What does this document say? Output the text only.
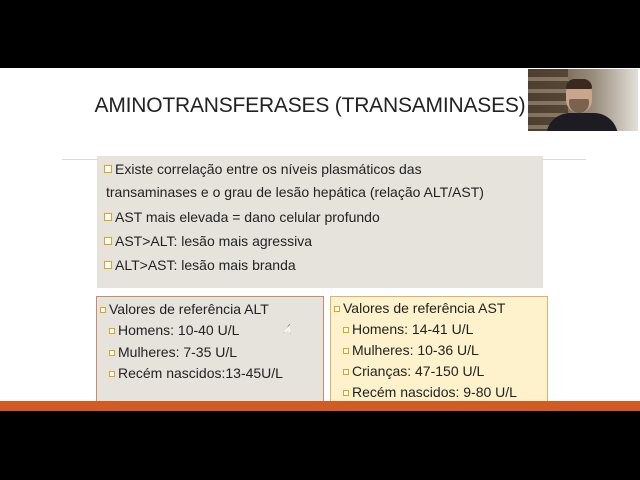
AMINOTRANSFERASES (TRANSAMINASES)
Existe correlação entre os níveis plasmáticos das
transaminases e o grau de lesão hepática (relação ALT/AST)
AST mais elevada = dano celular profundo
AST>ALT: lesão mais agressiva
ALT>AST: lesão mais branda
Valores de referência ALT
Homens: 10-40 U/L
Mulheres: 7-35 U/L
Recém nascidos:13-45U/L
Valores de referência AST
Homens: 14-41 U/L
Mulheres: 10-36 U/L
Crianças: 47-150 U/L
Recém nascidos: 9-80 U/L
